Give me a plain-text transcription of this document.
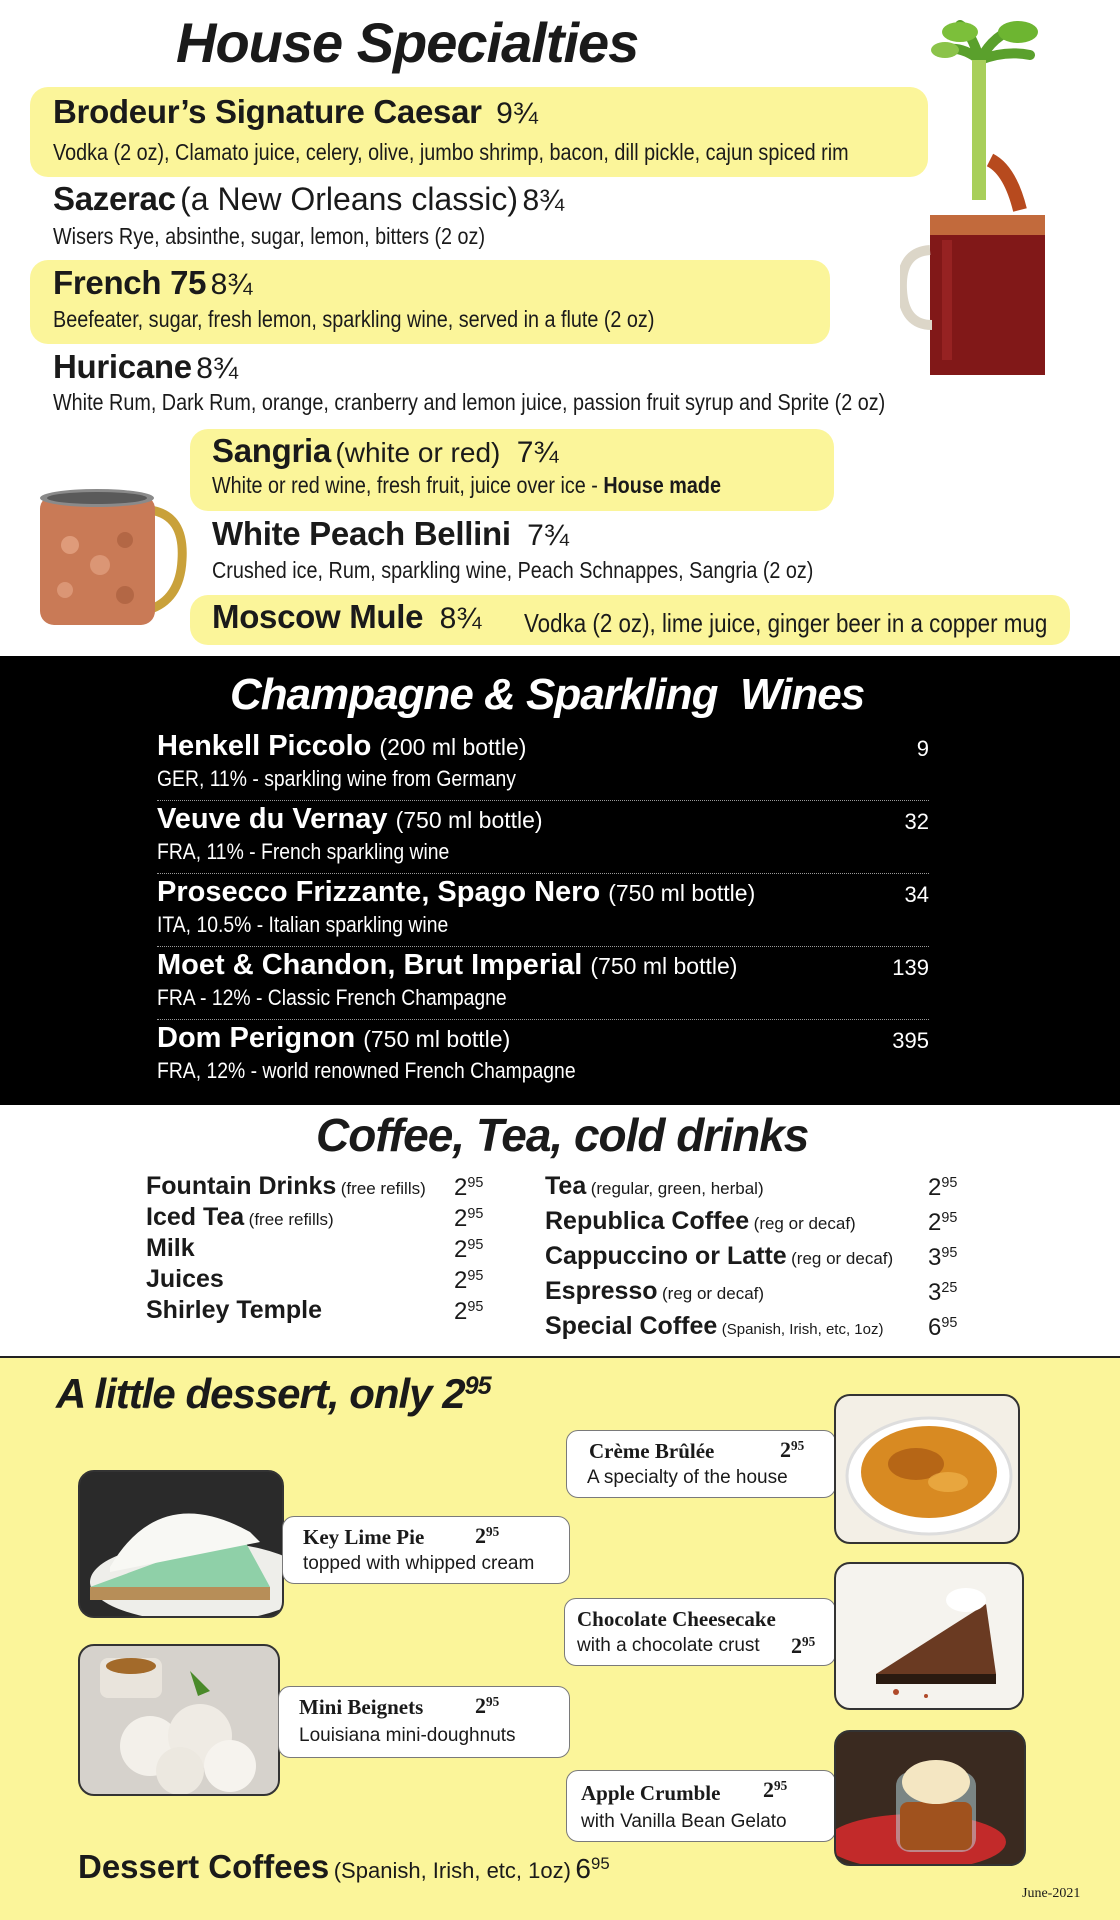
House Specialties
Brodeur’s Signature Caesar 9¾
Vodka (2 oz), Clamato juice, celery, olive, jumbo shrimp, bacon, dill pickle, cajun spiced rim
Sazerac (a New Orleans classic) 8¾
Wisers Rye, absinthe, sugar, lemon, bitters (2 oz)
French 75 8¾
Beefeater, sugar, fresh lemon, sparkling wine, served in a flute (2 oz)
Huricane 8¾
White Rum, Dark Rum, orange, cranberry and lemon juice, passion fruit syrup and Sprite (2 oz)
Sangria (white or red) 7¾
White or red wine, fresh fruit, juice over ice - House made
White Peach Bellini 7¾
Crushed ice, Rum, sparkling wine, Peach Schnappes, Sangria (2 oz)
Moscow Mule 8¾ Vodka (2 oz), lime juice, ginger beer in a copper mug
Champagne & Sparkling  Wines
Henkell Piccolo (200 ml bottle)
GER, 11% - sparkling wine from Germany
9
Veuve du Vernay (750 ml bottle)
FRA, 11% - French sparkling wine
32
Prosecco Frizzante, Spago Nero (750 ml bottle)
ITA, 10.5% - Italian sparkling wine
34
Moet & Chandon, Brut Imperial (750 ml bottle)
FRA - 12% - Classic French Champagne
139
Dom Perignon (750 ml bottle)
FRA, 12% - world renowned French Champagne
395
Coffee, Tea, cold drinks
Fountain Drinks (free refills)
Iced Tea (free refills)
Milk
Juices
Shirley Temple
$2^{95}$
$2^{95}$
$2^{95}$
$2^{95}$
$2^{95}$
Tea (regular, green, herbal)
Republica Coffee (reg or decaf)
Cappuccino or Latte (reg or decaf)
Espresso (reg or decaf)
Special Coffee (Spanish, Irish, etc, 1oz)
$2^{95}$
$2^{95}$
$3^{95}$
$3^{25}$
$6^{95}$
A little dessert, only $2^{95}$
Crème Brûlée	$2^{95}$
A specialty of the house
Key Lime Pie $2^{95}$
topped with whipped cream
Chocolate Cheesecake
with a chocolate crust $2^{95}$
Mini Beignets $2^{95}$
Louisiana mini-doughnuts
Apple Crumble $2^{95}$
with Vanilla Bean Gelato
Dessert Coffees (Spanish, Irish, etc, 1oz) $6^{95}$
June-2021
